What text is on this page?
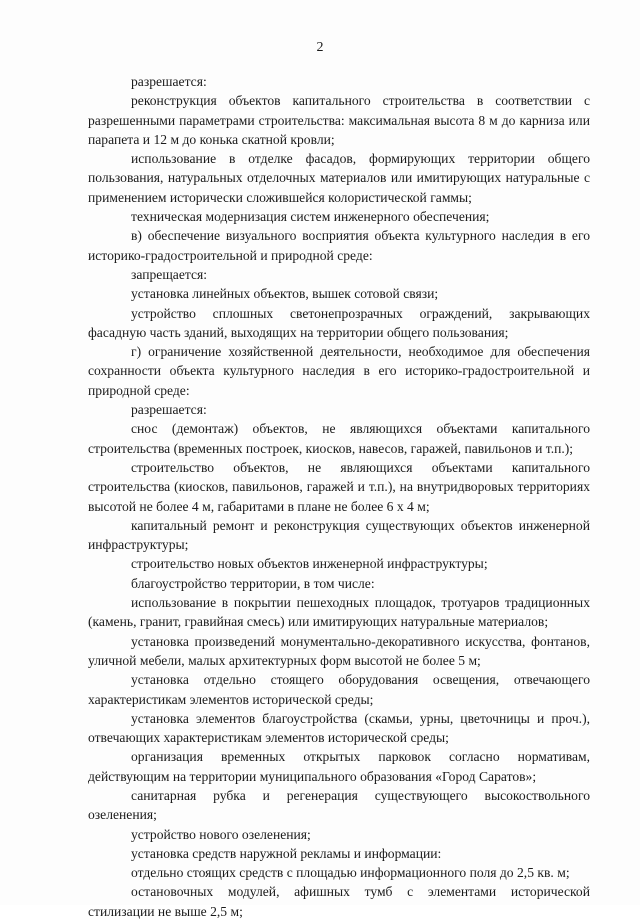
2

разрешается:

реконструкция объектов капитального строительства в соответствии с разрешенными параметрами строительства: максимальная высота 8 м до карниза или парапета и 12 м до конька скатной кровли;

использование в отделке фасадов, формирующих территории общего пользования, натуральных отделочных материалов или имитирующих натуральные с применением исторически сложившейся колористической гаммы;

техническая модернизация систем инженерного обеспечения;

в) обеспечение визуального восприятия объекта культурного наследия в его историко-градостроительной и природной среде:

запрещается:

установка линейных объектов, вышек сотовой связи;

устройство сплошных светонепрозрачных ограждений, закрывающих фасадную часть зданий, выходящих на территории общего пользования;

г) ограничение хозяйственной деятельности, необходимое для обеспечения сохранности объекта культурного наследия в его историко-градостроительной и природной среде:

разрешается:

снос (демонтаж) объектов, не являющихся объектами капитального строительства (временных построек, киосков, навесов, гаражей, павильонов и т.п.);

строительство объектов, не являющихся объектами капитального строительства (киосков, павильонов, гаражей и т.п.), на внутридворовых территориях высотой не более 4 м, габаритами в плане не более 6 х 4 м;

капитальный ремонт и реконструкция существующих объектов инженерной инфраструктуры;

строительство новых объектов инженерной инфраструктуры;

благоустройство территории, в том числе:

использование в покрытии пешеходных площадок, тротуаров традиционных (камень, гранит, гравийная смесь) или имитирующих натуральные материалов;

установка произведений монументально-декоративного искусства, фонтанов, уличной мебели, малых архитектурных форм высотой не более 5 м;

установка отдельно стоящего оборудования освещения, отвечающего характеристикам элементов исторической среды;

установка элементов благоустройства (скамьи, урны, цветочницы и проч.), отвечающих характеристикам элементов исторической среды;

организация временных открытых парковок согласно нормативам, действующим на территории муниципального образования «Город Саратов»;

санитарная рубка и регенерация существующего высокоствольного озеленения;

устройство нового озеленения;

установка средств наружной рекламы и информации:

отдельно стоящих средств с площадью информационного поля до 2,5 кв. м;

остановочных модулей, афишных тумб с элементами исторической стилизации не выше 2,5 м;
